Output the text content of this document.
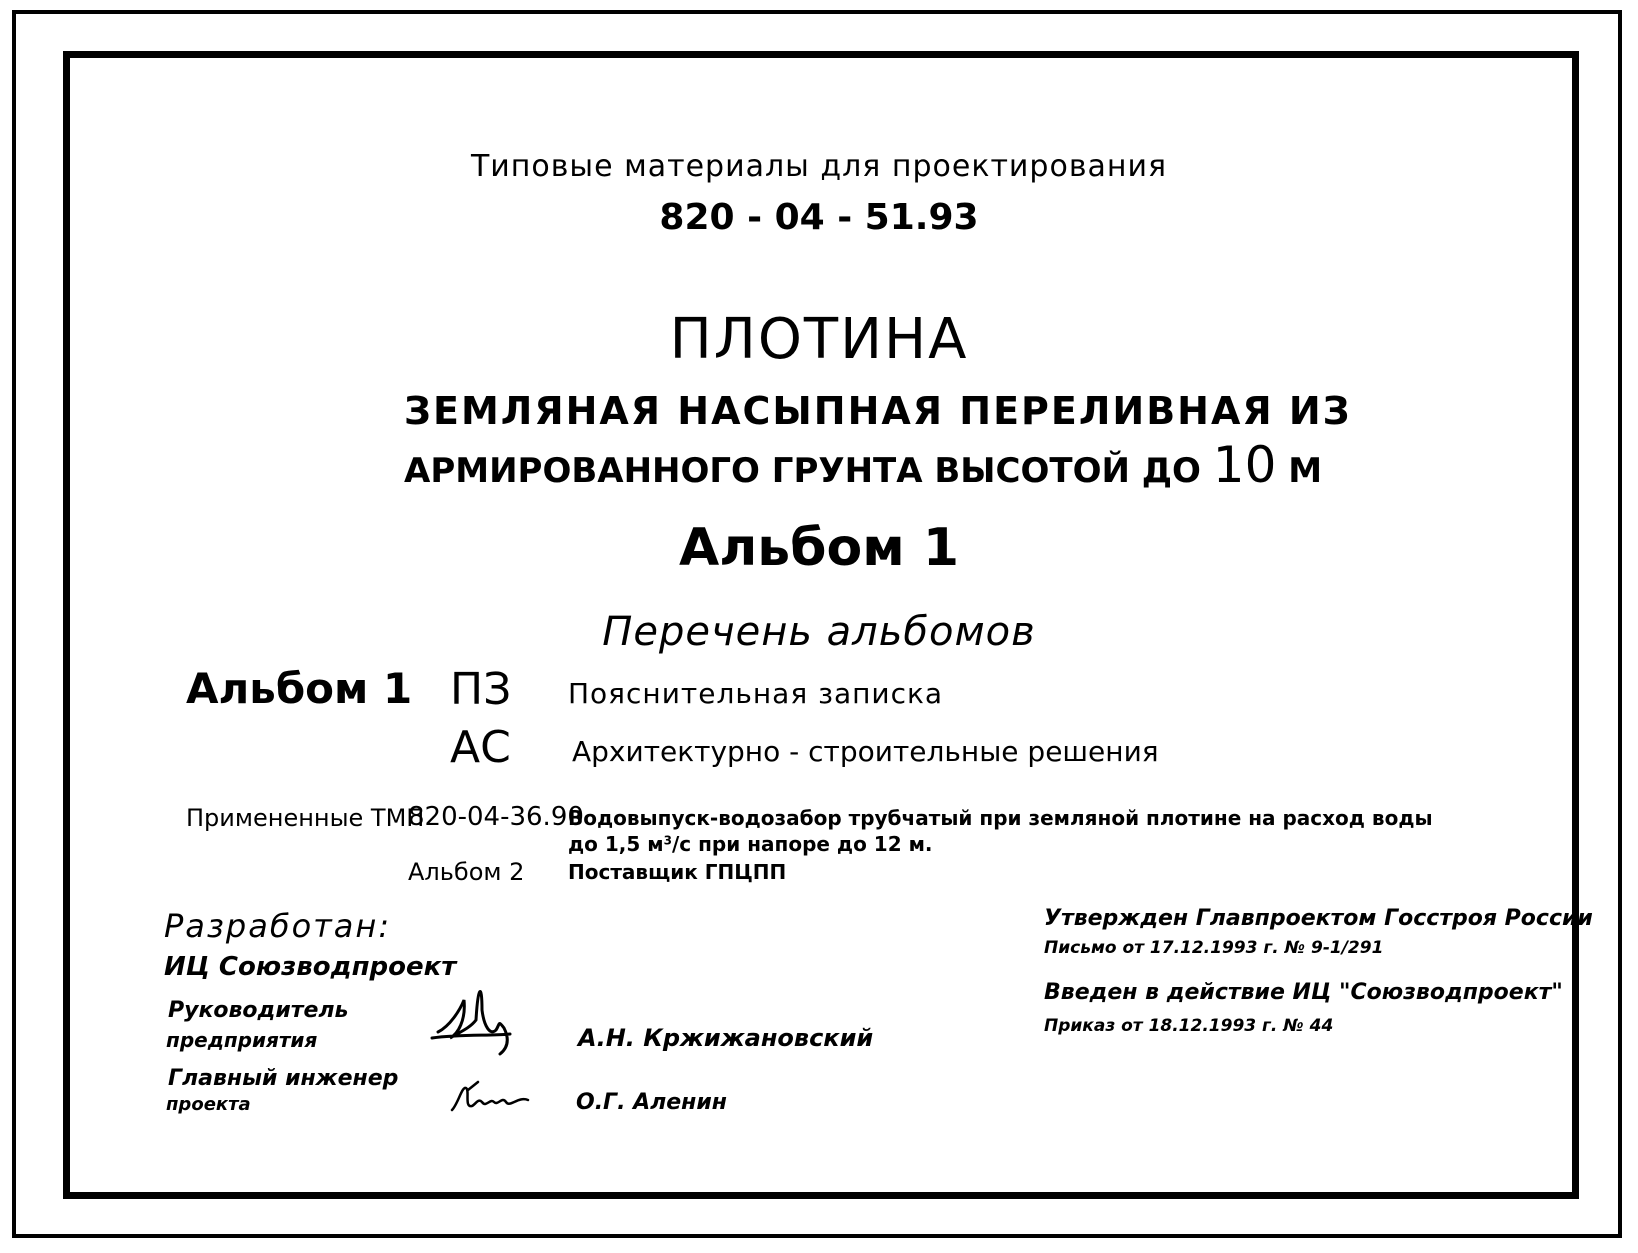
Типовые материалы для проектирования
820 - 04 - 51.93
ПЛОТИНА
ЗЕМЛЯНАЯ НАСЫПНАЯ ПЕРЕЛИВНАЯ ИЗ
АРМИРОВАННОГО ГРУНТА ВЫСОТОЙ ДО 10 М
Альбом 1
Перечень альбомов
Альбом 1 ПЗ Пояснительная записка
АС Архитектурно - строительные решения
Примененные ТМП
820-04-36.90
Водовыпуск-водозабор трубчатый при земляной плотине на расход воды
до 1,5 $м^3/с$ при напоре до 12 м.
Альбом 2 Поставщик ГПЦПП
Разработан:
ИЦ Союзводпроект
Руководитель
предприятия
Главный инженер
проекта
А.Н. Кржижановский
О.Г. Аленин
Утвержден Главпроектом Госстроя России
Письмо от 17.12.1993 г. № 9-1/291
Введен в действие ИЦ "Союзводпроект"
Приказ от 18.12.1993 г. № 44
